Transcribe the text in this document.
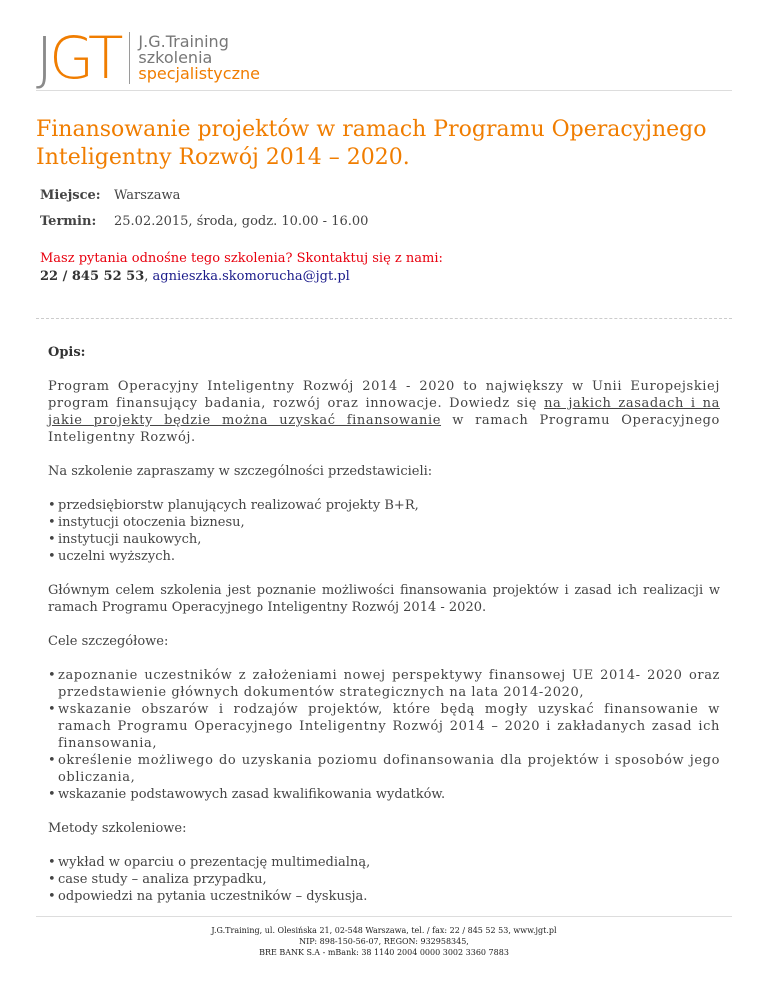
JGT J.G.Training
szkolenia
specjalistyczne
Finansowanie projektów w ramach Programu Operacyjnego Inteligentny Rozwój 2014 – 2020.
Miejsce:	Warszawa
Termin:	25.02.2015, środa, godz. 10.00 - 16.00
Masz pytania odnośne tego szkolenia? Skontaktuj się z nami:
22 / 845 52 53, agnieszka.skomorucha@jgt.pl

Opis:

Program Operacyjny Inteligentny Rozwój 2014 - 2020 to największy w Unii Europejskiej program finansujący badania, rozwój oraz innowacje. Dowiedz się na jakich zasadach i na jakie projekty będzie można uzyskać finansowanie w ramach Programu Operacyjnego Inteligentny Rozwój.

Na szkolenie zapraszamy w szczególności przedstawicieli:

• przedsiębiorstw planujących realizować projekty B+R,
• instytucji otoczenia biznesu,
• instytucji naukowych,
• uczelni wyższych.

Głównym celem szkolenia jest poznanie możliwości finansowania projektów i zasad ich realizacji w ramach Programu Operacyjnego Inteligentny Rozwój 2014 - 2020.

Cele szczegółowe:

• zapoznanie uczestników z założeniami nowej perspektywy finansowej UE 2014- 2020 oraz przedstawienie głównych dokumentów strategicznych na lata 2014-2020,
• wskazanie obszarów i rodzajów projektów, które będą mogły uzyskać finansowanie w ramach Programu Operacyjnego Inteligentny Rozwój 2014 – 2020 i zakładanych zasad ich finansowania,
• określenie możliwego do uzyskania poziomu dofinansowania dla projektów i sposobów jego obliczania,
• wskazanie podstawowych zasad kwalifikowania wydatków.

Metody szkoleniowe:

• wykład w oparciu o prezentację multimedialną,
• case study – analiza przypadku,
• odpowiedzi na pytania uczestników – dyskusja.
J.G.Training, ul. Olesińska 21, 02-548 Warszawa, tel. / fax: 22 / 845 52 53, www.jgt.pl
NIP: 898-150-56-07, REGON: 932958345,
BRE BANK S.A - mBank: 38 1140 2004 0000 3002 3360 7883
